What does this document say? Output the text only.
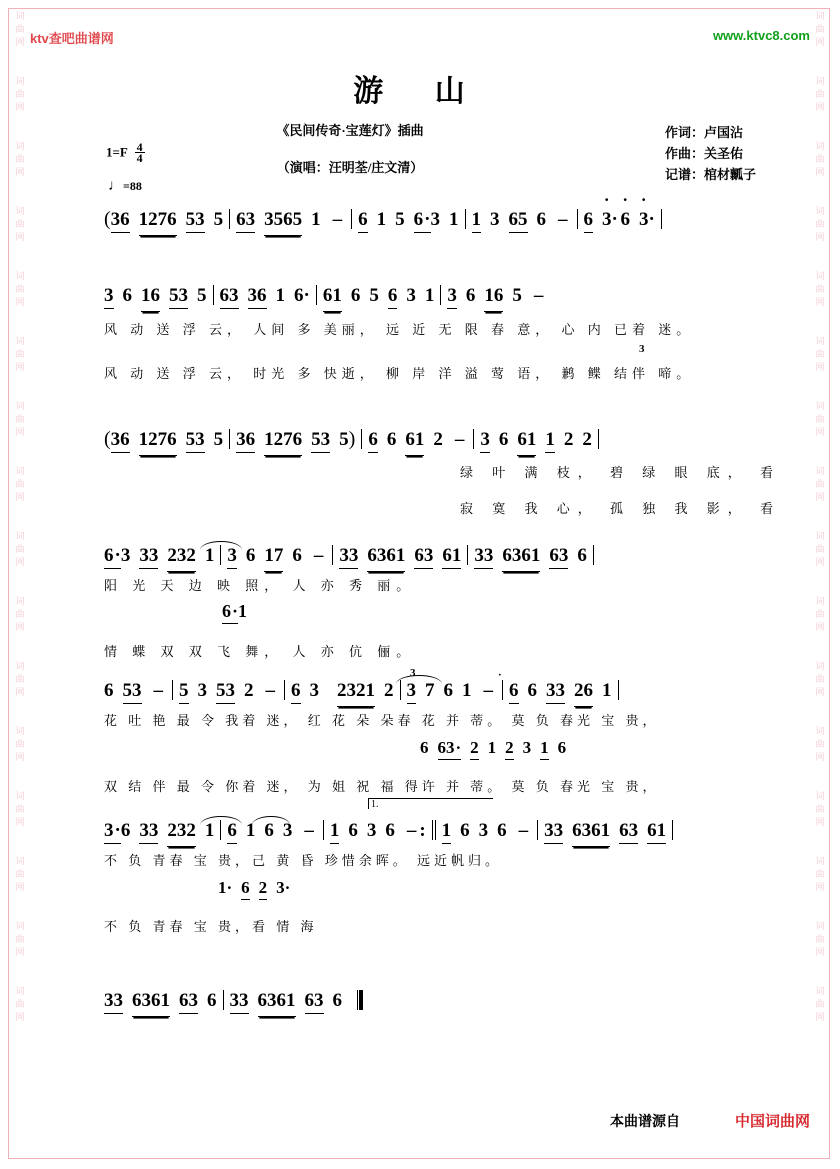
词
曲
网

词
曲
网

词
曲
网

词
曲
网

词
曲
网

词
曲
网

词
曲
网

词
曲
网

词
曲
网

词
曲
网

词
曲
网

词
曲
网

词
曲
网

词
曲
网

词
曲
网

词
曲
网
词
曲
网

词
曲
网

词
曲
网

词
曲
网

词
曲
网

词
曲
网

词
曲
网

词
曲
网

词
曲
网

词
曲
网

词
曲
网

词
曲
网

词
曲
网

词
曲
网

词
曲
网

词
曲
网
ktv查吧曲谱网	www.ktvc8.com
游 山
《民间传奇·宝莲灯》插曲
（演唱：汪明荃/庄文清）
作词：卢国沾
作曲：关圣佑
记谱：棺材瓤子
$1=F \frac{4}{4}$
♩=88
(36 1276 53 5 63 3565 1 – 6 1 5 6 · 3 1 1 3 65 6 – 6 · 3· · 6 · 3·
3 6 16 53 5 63 36 1 6· 61 6 5 6 3 1 3 6 16 5 –
风 动 送 浮 云， 人间 多 美丽， 远 近 无 限 春 意， 心 内 已着 迷。
风 动 送 浮 云， 时光 多 快逝， 柳 岸 洋 溢 莺 语， 鹣 鲽 结伴 啼。
3
(36 1276 53 5 36 1276 53 5) 6 6 61 2 – 3 6 61 1 2 2
绿 叶 满 枝， 碧 绿 眼 底， 看
寂 寞 我 心， 孤 独 我 影， 看
6 · 3 33 232 1 3 6 17 6 – 33 6361 63 61 33 6361 63 6
阳 光 天 边 映 照， 人 亦 秀 丽。
6 · 1
情 蝶 双 双 飞 舞， 人 亦 伉 俪。
6 53 – 5 3 53 2 – 6 3 2321 2 3 7 6 1 – 6 6 33 26 1
3	·
花 吐 艳 最 令 我着 迷， 红 花 朵 朵春 花 并 蒂。 莫 负 春光 宝 贵，
6 63 · 2 1 2 3 1 6
双 结 伴 最 令 你着 迷， 为 姐 祝 福 得许 并 蒂。 莫 负 春光 宝 贵，
3 · 6 33 232 1 6 1 6 3 – 1 6 3 6 – : 1 6 3 6 – 33 6361 63 61
1.
不 负 青春 宝 贵，己 黄 昏 珍惜余晖。 远近帆归。
1· 6 2 3·
不 负 青春 宝 贵，看 情 海
33 6361 63 6 33 6361 63 6
本曲谱源自	中国词曲网
